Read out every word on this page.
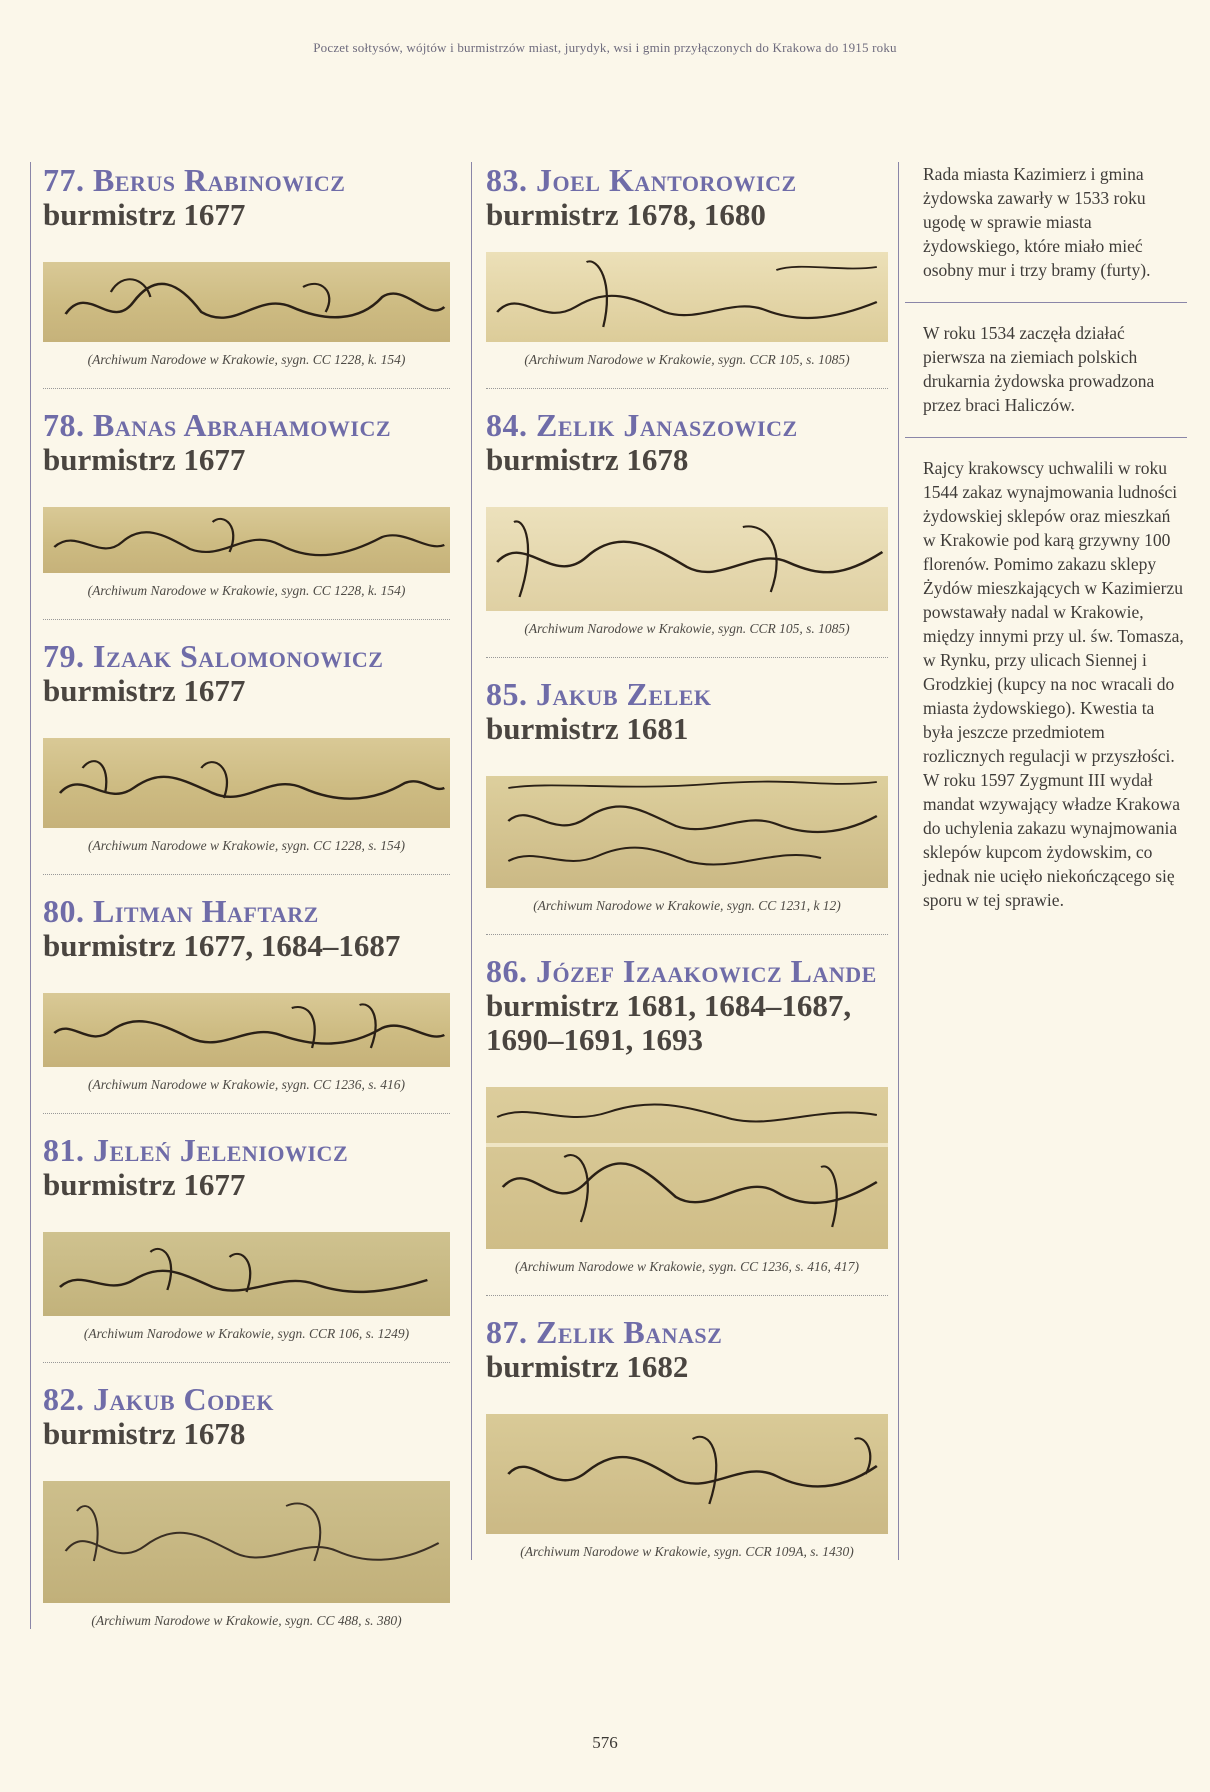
Poczet sołtysów, wójtów i burmistrzów miast, jurydyk, wsi i gmin przyłączonych do Krakowa do 1915 roku
77. Berus Rabinowicz

burmistrz 1677

(Archiwum Narodowe w Krakowie, sygn. CC 1228, k. 154)
78. Banas Abrahamowicz

burmistrz 1677

(Archiwum Narodowe w Krakowie, sygn. CC 1228, k. 154)
79. Izaak Salomonowicz

burmistrz 1677

(Archiwum Narodowe w Krakowie, sygn. CC 1228, s. 154)
80. Litman Haftarz

burmistrz 1677, 1684–1687

(Archiwum Narodowe w Krakowie, sygn. CC 1236, s. 416)
81. Jeleń Jeleniowicz

burmistrz 1677

(Archiwum Narodowe w Krakowie, sygn. CCR 106, s. 1249)
82. Jakub Codek

burmistrz 1678

(Archiwum Narodowe w Krakowie, sygn. CC 488, s. 380)
83. Joel Kantorowicz

burmistrz 1678, 1680

(Archiwum Narodowe w Krakowie, sygn. CCR 105, s. 1085)
84. Zelik Janaszowicz

burmistrz 1678

(Archiwum Narodowe w Krakowie, sygn. CCR 105, s. 1085)
85. Jakub Zelek

burmistrz 1681

(Archiwum Narodowe w Krakowie, sygn. CC 1231, k 12)
86. Józef Izaakowicz Lande

burmistrz 1681, 1684–1687, 1690–1691, 1693

(Archiwum Narodowe w Krakowie, sygn. CC 1236, s. 416, 417)
87. Zelik Banasz

burmistrz 1682

(Archiwum Narodowe w Krakowie, sygn. CCR 109A, s. 1430)

Rada miasta Kazimierz i gmina żydowska zawarły w 1533 roku ugodę w sprawie miasta żydowskiego, które miało mieć osobny mur i trzy bramy (furty).

W roku 1534 zaczęła działać pierwsza na ziemiach polskich drukarnia żydowska prowadzona przez braci Haliczów.

Rajcy krakowscy uchwalili w roku 1544 zakaz wynajmowania ludności żydowskiej sklepów oraz mieszkań w Krakowie pod karą grzywny 100 florenów. Pomimo zakazu sklepy Żydów mieszkających w Kazimierzu powstawały nadal w Krakowie, między innymi przy ul. św. Tomasza, w Rynku, przy ulicach Siennej i Grodzkiej (kupcy na noc wracali do miasta żydowskiego). Kwestia ta była jeszcze przedmiotem rozlicznych regulacji w przyszłości. W roku 1597 Zygmunt III wydał mandat wzywający władze Krakowa do uchylenia zakazu wynajmowania sklepów kupcom żydowskim, co jednak nie ucięło niekończącego się sporu w tej sprawie.

576
